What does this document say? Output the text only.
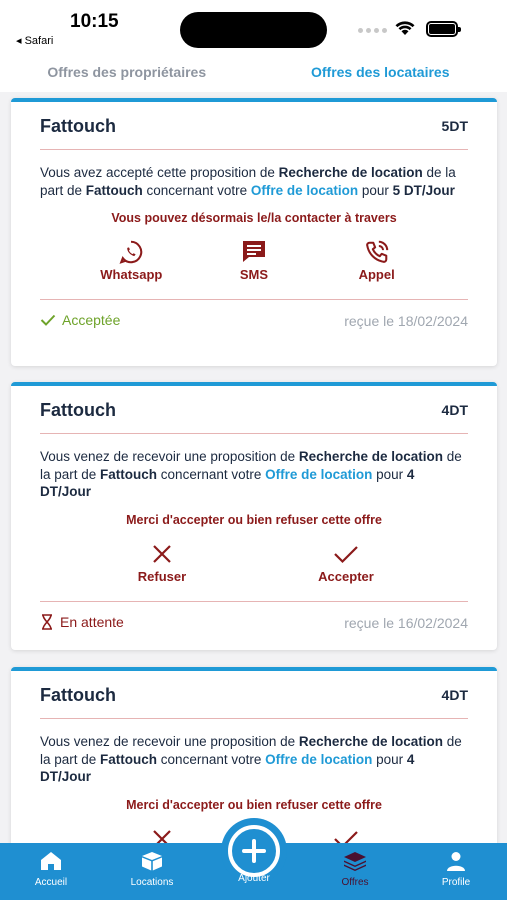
10:15
◂ Safari
Offres des propriétaires	Offres des locataires
Fattouch	5DT
Vous avez accepté cette proposition de Recherche de location de la part de Fattouch concernant votre Offre de location pour 5 DT/Jour
Vous pouvez désormais le/la contacter à travers
Whatsapp	SMS	Appel
Acceptée	reçue le 18/02/2024
Fattouch	4DT
Vous venez de recevoir une proposition de Recherche de location de la part de Fattouch concernant votre Offre de location pour 4 DT/Jour
Merci d'accepter ou bien refuser cette offre
Refuser	Accepter
En attente	reçue le 16/02/2024
Fattouch	4DT
Vous venez de recevoir une proposition de Recherche de location de la part de Fattouch concernant votre Offre de location pour 4 DT/Jour
Merci d'accepter ou bien refuser cette offre
Accueil	Locations	Offres	Profile
Ajouter
